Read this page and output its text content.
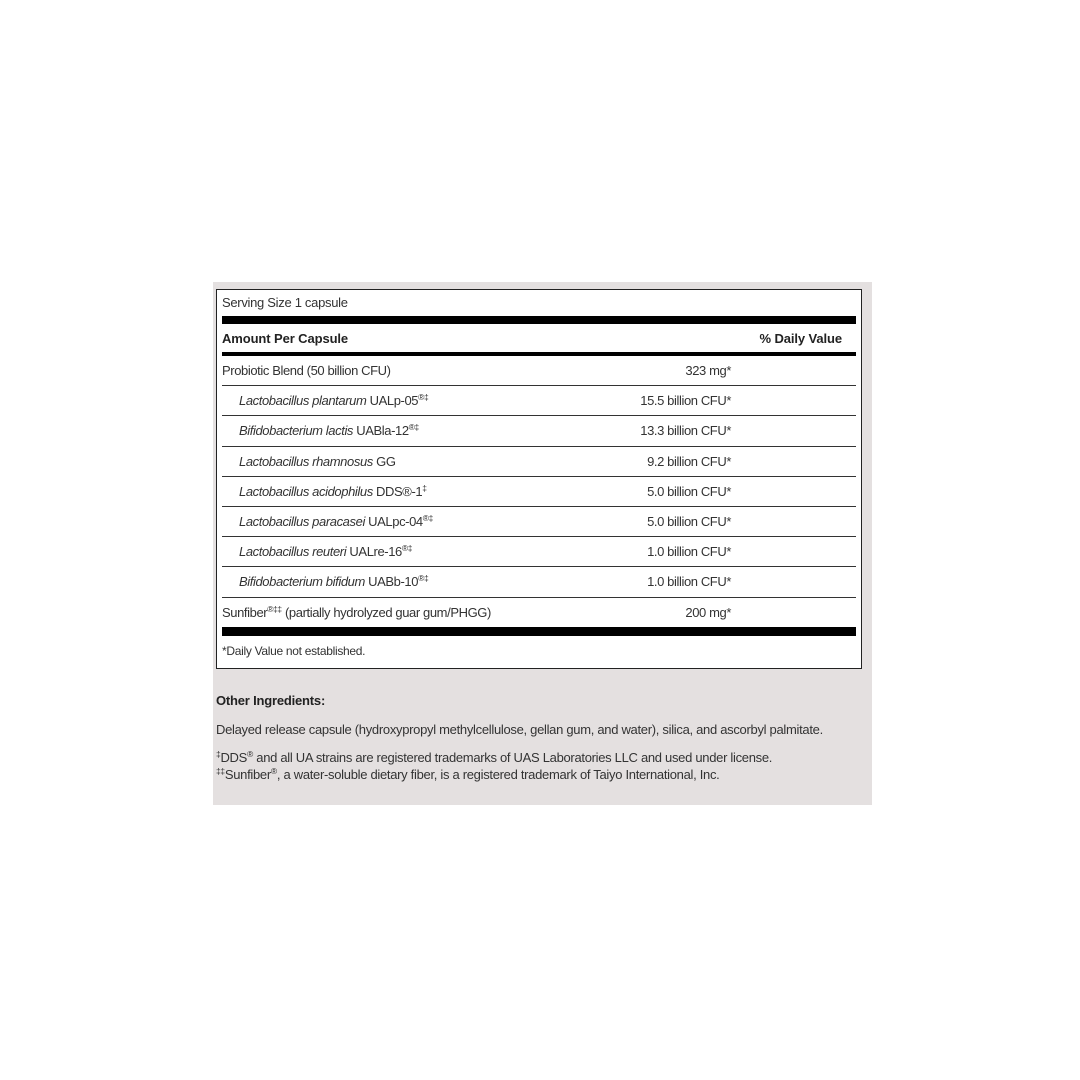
Serving Size 1 capsule
Amount Per Capsule	% Daily Value
Probiotic Blend (50 billion CFU)	323 mg*
Lactobacillus plantarum UALp-05®‡	15.5 billion CFU*
Bifidobacterium lactis UABla-12®‡	13.3 billion CFU*
Lactobacillus rhamnosus GG	9.2 billion CFU*
Lactobacillus acidophilus DDS®-1‡	5.0 billion CFU*
Lactobacillus paracasei UALpc-04®‡	5.0 billion CFU*
Lactobacillus reuteri UALre-16®‡	1.0 billion CFU*
Bifidobacterium bifidum UABb-10®‡	1.0 billion CFU*
Sunfiber®‡‡ (partially hydrolyzed guar gum/PHGG)	200 mg*
*Daily Value not established.
Other Ingredients:
Delayed release capsule (hydroxypropyl methylcellulose, gellan gum, and water), silica, and ascorbyl palmitate.
‡DDS® and all UA strains are registered trademarks of UAS Laboratories LLC and used under license.
‡‡Sunfiber®, a water-soluble dietary fiber, is a registered trademark of Taiyo International, Inc.
